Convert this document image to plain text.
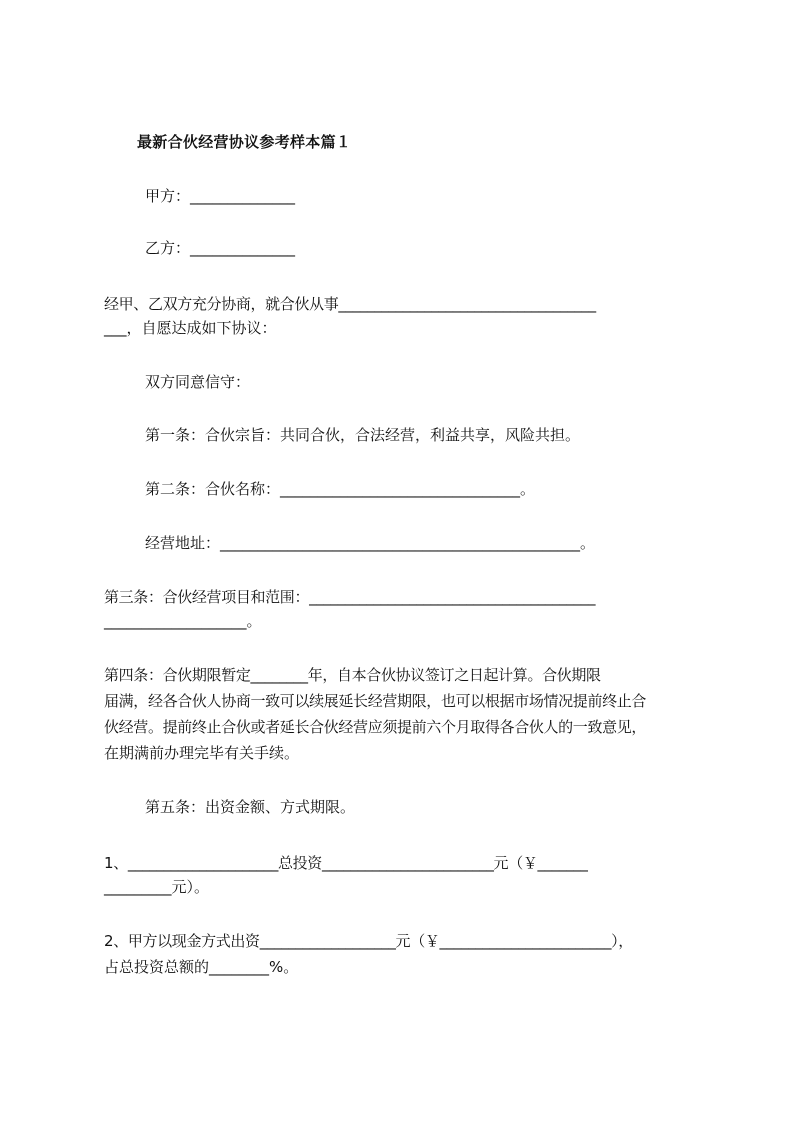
最新合伙经营协议参考样本篇１
甲方：______________
乙方：______________
经甲、乙双方充分协商，就合伙从事____________________________________
___，自愿达成如下协议：
双方同意信守：
第一条：合伙宗旨：共同合伙，合法经营，利益共享，风险共担。
第二条：合伙名称：________________________________。
经营地址：________________________________________________。
第三条：合伙经营项目和范围：________________________________________
___________________。
第四条：合伙期限暂定________年，自本合伙协议签订之日起计算。合伙期限
届满，经各合伙人协商一致可以续展延长经营期限，也可以根据市场情况提前终止合
伙经营。提前终止合伙或者延长合伙经营应须提前六个月取得各合伙人的一致意见，
在期满前办理完毕有关手续。
第五条：出资金额、方式期限。
1、_____________________总投资________________________元（￥_______
_________元）。
2、甲方以现金方式出资___________________元（￥________________________），
占总投资总额的________%。
